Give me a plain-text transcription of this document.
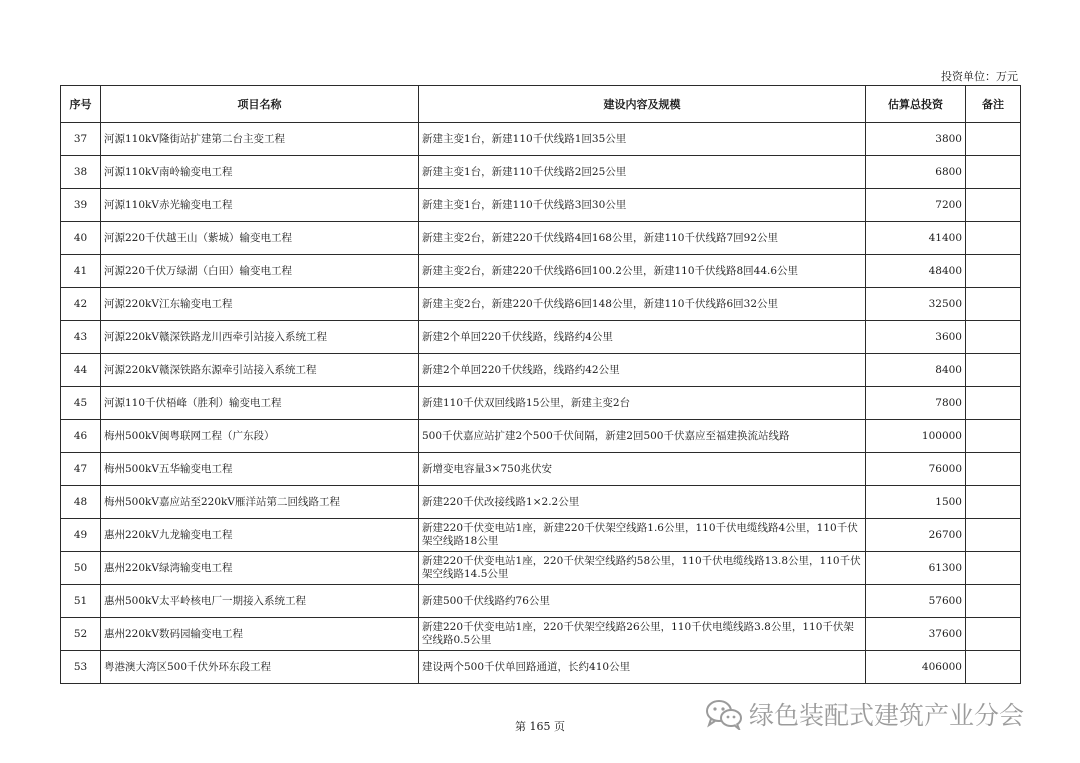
投资单位：万元
序号	项目名称	建设内容及规模	估算总投资	备注
37	河源110kV隆街站扩建第二台主变工程	新建主变1台，新建110千伏线路1回35公里	3800	
38	河源110kV南岭输变电工程	新建主变1台，新建110千伏线路2回25公里	6800	
39	河源110kV赤光输变电工程	新建主变1台，新建110千伏线路3回30公里	7200	
40	河源220千伏越王山（紫城）输变电工程	新建主变2台，新建220千伏线路4回168公里，新建110千伏线路7回92公里	41400	
41	河源220千伏万绿湖（白田）输变电工程	新建主变2台，新建220千伏线路6回100.2公里，新建110千伏线路8回44.6公里	48400	
42	河源220kV江东输变电工程	新建主变2台，新建220千伏线路6回148公里，新建110千伏线路6回32公里	32500	
43	河源220kV赣深铁路龙川西牵引站接入系统工程	新建2个单回220千伏线路，线路约4公里	3600	
44	河源220kV赣深铁路东源牵引站接入系统工程	新建2个单回220千伏线路，线路约42公里	8400	
45	河源110千伏梧峰（胜利）输变电工程	新建110千伏双回线路15公里，新建主变2台	7800	
46	梅州500kV闽粤联网工程（广东段）	500千伏嘉应站扩建2个500千伏间隔，新建2回500千伏嘉应至福建换流站线路	100000	
47	梅州500kV五华输变电工程	新增变电容量3×750兆伏安	76000	
48	梅州500kV嘉应站至220kV雁洋站第二回线路工程	新建220千伏改接线路1×2.2公里	1500	
49	惠州220kV九龙输变电工程	新建220千伏变电站1座，新建220千伏架空线路1.6公里，110千伏电缆线路4公里，110千伏架空线路18公里	26700	
50	惠州220kV绿湾输变电工程	新建220千伏变电站1座，220千伏架空线路约58公里，110千伏电缆线路13.8公里，110千伏架空线路14.5公里	61300	
51	惠州500kV太平岭核电厂一期接入系统工程	新建500千伏线路约76公里	57600	
52	惠州220kV数码园输变电工程	新建220千伏变电站1座，220千伏架空线路26公里，110千伏电缆线路3.8公里，110千伏架空线路0.5公里	37600	
53	粤港澳大湾区500千伏外环东段工程	建设两个500千伏单回路通道，长约410公里	406000	
第 165 页	绿色装配式建筑产业分会
